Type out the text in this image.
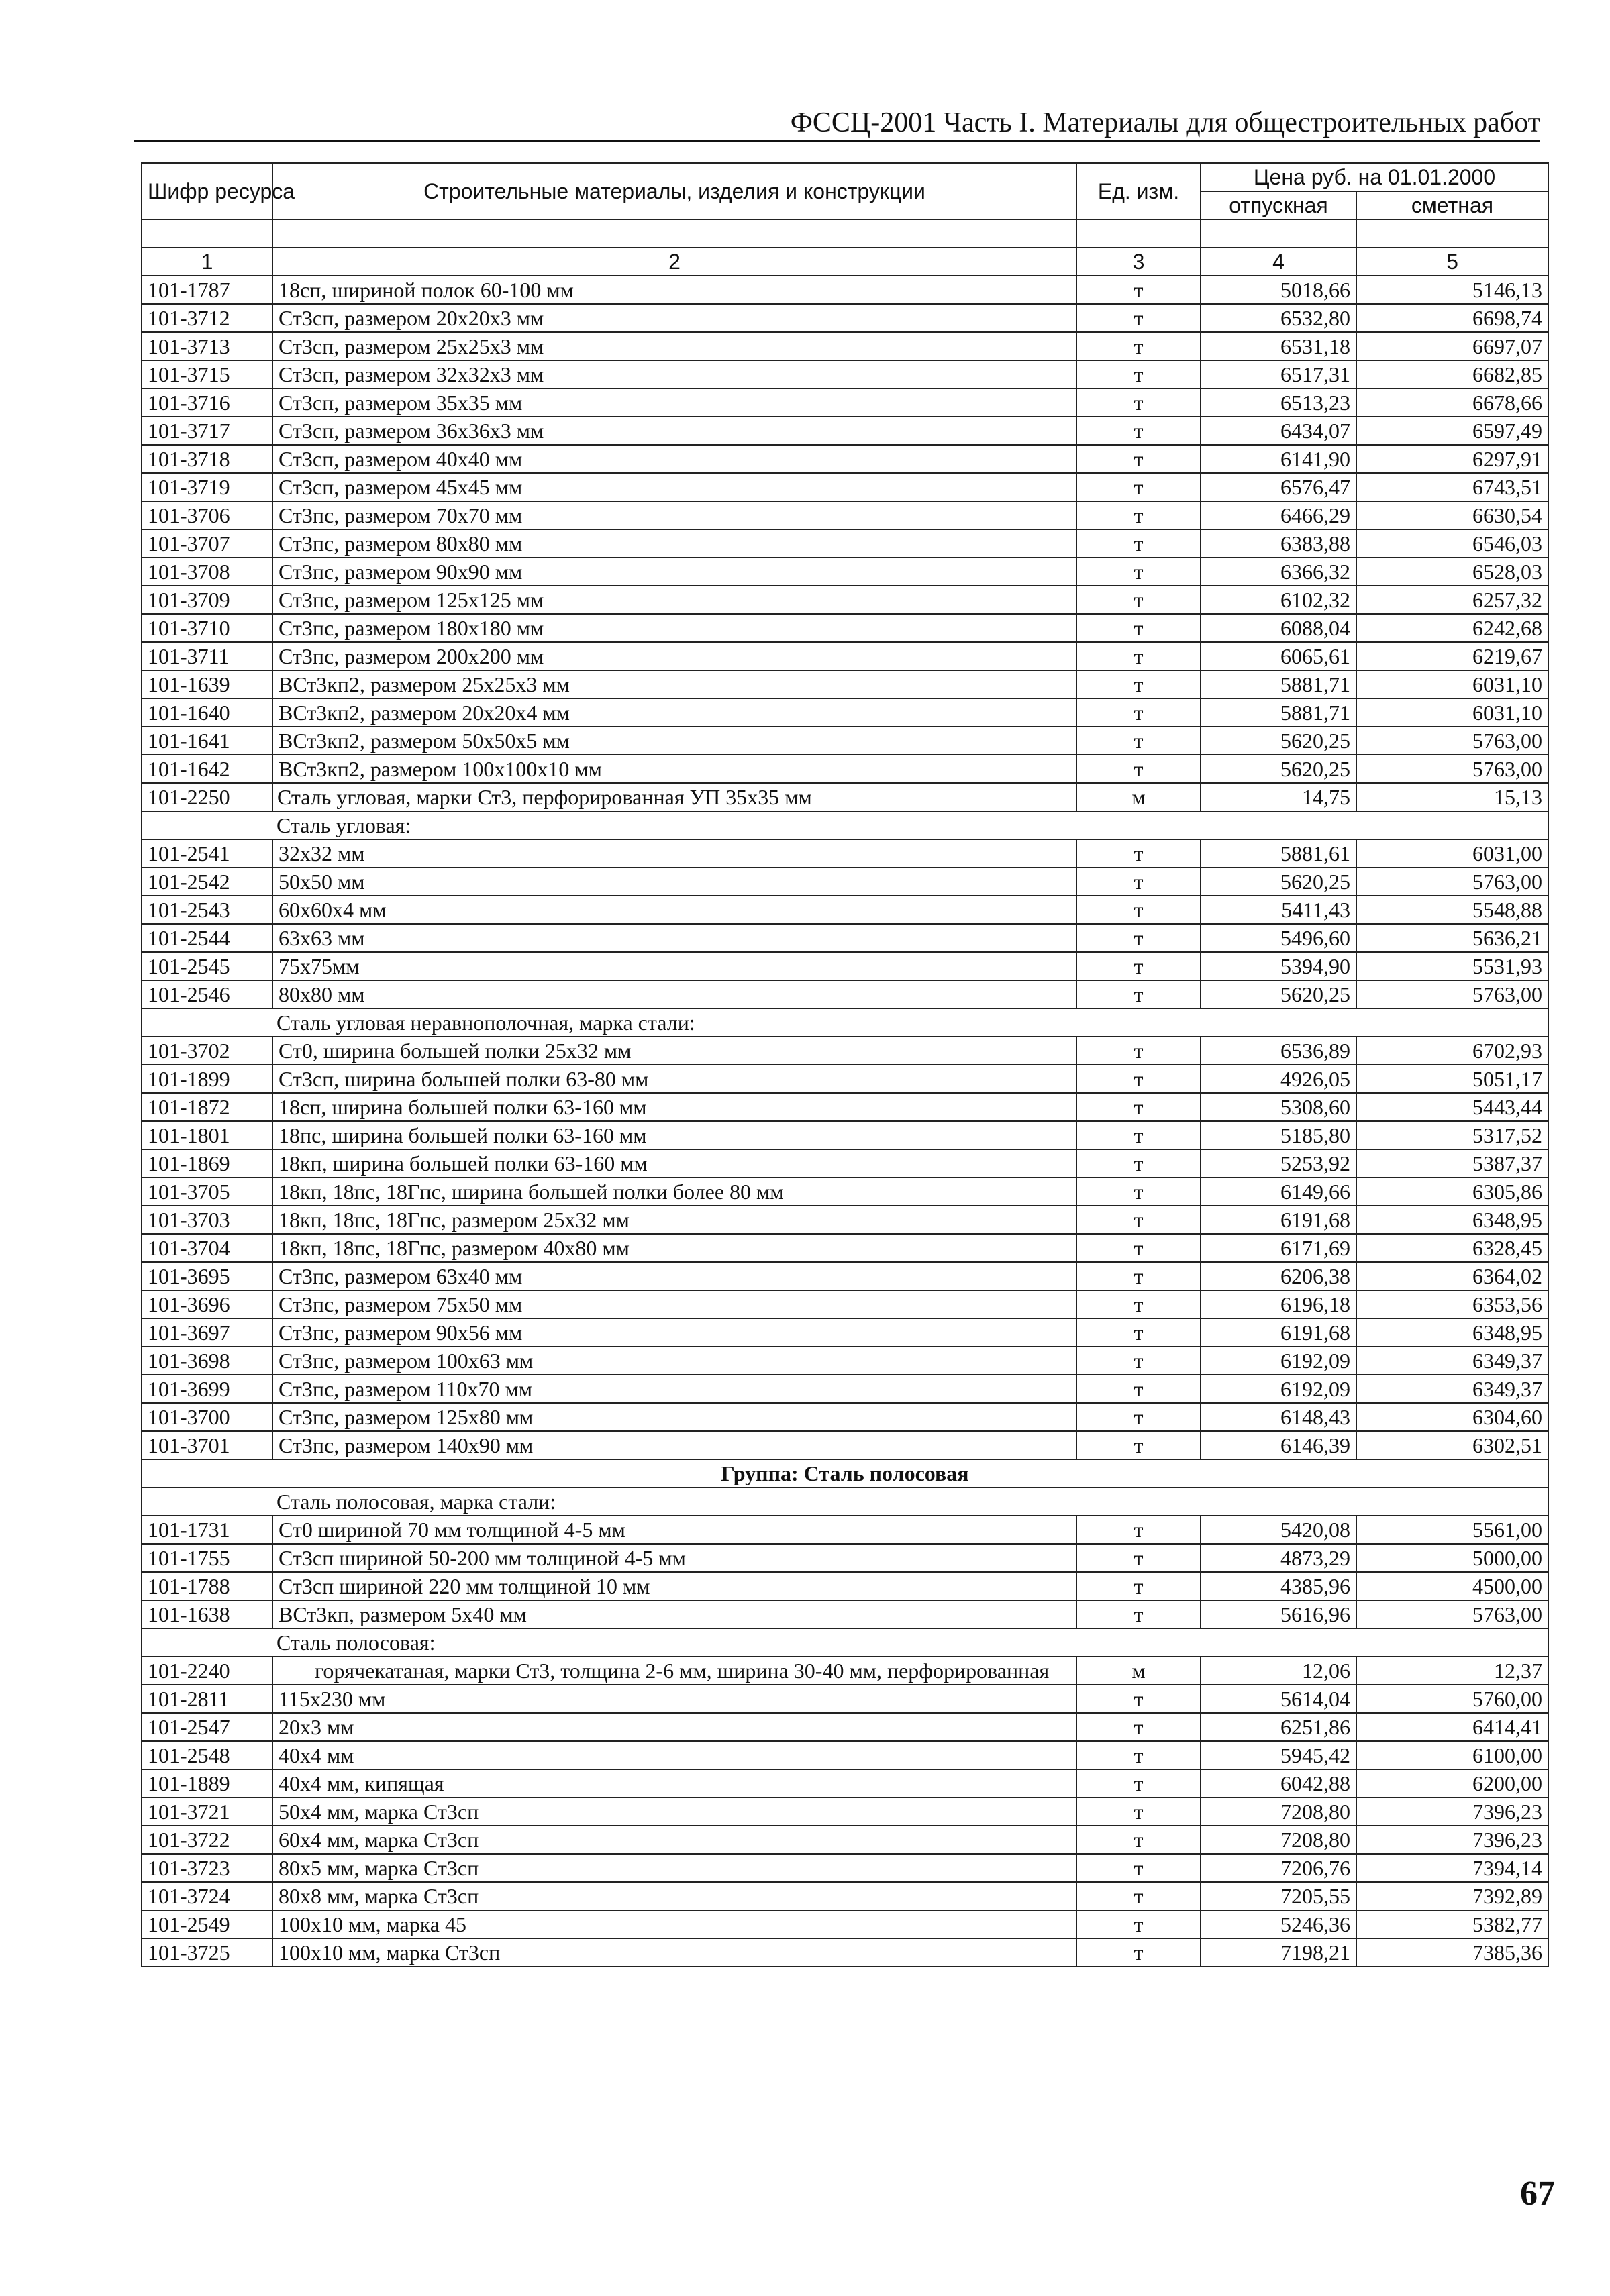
ФССЦ-2001 Часть I. Материалы для общестроительных работ
Шифр ресурса	Строительные материалы, изделия и конструкции	Ед. изм.	Цена руб. на 01.01.2000	
			отпускная	сметная

1	2	3	4	5
101-1787	18сп, шириной полок 60-100 мм	т	5018,66	5146,13
101-3712	Ст3сп, размером 20х20х3 мм	т	6532,80	6698,74
101-3713	Ст3сп, размером 25х25х3 мм	т	6531,18	6697,07
101-3715	Ст3сп, размером 32х32х3 мм	т	6517,31	6682,85
101-3716	Ст3сп, размером 35х35 мм	т	6513,23	6678,66
101-3717	Ст3сп, размером 36х36х3 мм	т	6434,07	6597,49
101-3718	Ст3сп, размером 40х40 мм	т	6141,90	6297,91
101-3719	Ст3сп, размером 45х45 мм	т	6576,47	6743,51
101-3706	Ст3пс, размером 70х70 мм	т	6466,29	6630,54
101-3707	Ст3пс, размером 80х80 мм	т	6383,88	6546,03
101-3708	Ст3пс, размером 90х90 мм	т	6366,32	6528,03
101-3709	Ст3пс, размером 125х125 мм	т	6102,32	6257,32
101-3710	Ст3пс, размером 180х180 мм	т	6088,04	6242,68
101-3711	Ст3пс, размером 200х200 мм	т	6065,61	6219,67
101-1639	ВСт3кп2, размером 25х25х3 мм	т	5881,71	6031,10
101-1640	ВСт3кп2, размером 20х20х4 мм	т	5881,71	6031,10
101-1641	ВСт3кп2, размером 50х50х5 мм	т	5620,25	5763,00
101-1642	ВСт3кп2, размером 100х100х10 мм	т	5620,25	5763,00
101-2250	Сталь угловая, марки Ст3, перфорированная УП 35х35 мм	м	14,75	15,13
Сталь угловая:				
101-2541	32х32 мм	т	5881,61	6031,00
101-2542	50х50 мм	т	5620,25	5763,00
101-2543	60х60х4 мм	т	5411,43	5548,88
101-2544	63х63 мм	т	5496,60	5636,21
101-2545	75х75мм	т	5394,90	5531,93
101-2546	80х80 мм	т	5620,25	5763,00
Сталь угловая неравнополочная, марка стали:				
101-3702	Ст0, ширина большей полки 25х32 мм	т	6536,89	6702,93
101-1899	Ст3сп, ширина большей полки 63-80 мм	т	4926,05	5051,17
101-1872	18сп, ширина большей полки 63-160 мм	т	5308,60	5443,44
101-1801	18пс, ширина большей полки 63-160 мм	т	5185,80	5317,52
101-1869	18кп, ширина большей полки 63-160 мм	т	5253,92	5387,37
101-3705	18кп, 18пс, 18Гпс, ширина большей полки более 80 мм	т	6149,66	6305,86
101-3703	18кп, 18пс, 18Гпс, размером 25х32 мм	т	6191,68	6348,95
101-3704	18кп, 18пс, 18Гпс, размером 40х80 мм	т	6171,69	6328,45
101-3695	Ст3пс, размером 63х40 мм	т	6206,38	6364,02
101-3696	Ст3пс, размером 75х50 мм	т	6196,18	6353,56
101-3697	Ст3пс, размером 90х56 мм	т	6191,68	6348,95
101-3698	Ст3пс, размером 100х63 мм	т	6192,09	6349,37
101-3699	Ст3пс, размером 110х70 мм	т	6192,09	6349,37
101-3700	Ст3пс, размером 125х80 мм	т	6148,43	6304,60
101-3701	Ст3пс, размером 140х90 мм	т	6146,39	6302,51
Группа: Сталь полосовая				
Сталь полосовая, марка стали:				
101-1731	Ст0 шириной 70 мм толщиной 4-5 мм	т	5420,08	5561,00
101-1755	Ст3сп шириной 50-200 мм толщиной 4-5 мм	т	4873,29	5000,00
101-1788	Ст3сп шириной 220 мм толщиной 10 мм	т	4385,96	4500,00
101-1638	ВСт3кп, размером 5х40 мм	т	5616,96	5763,00
Сталь полосовая:				
101-2240	горячекатаная, марки Ст3, толщина 2-6 мм, ширина 30-40 мм, перфорированная	м	12,06	12,37
101-2811	115х230 мм	т	5614,04	5760,00
101-2547	20х3 мм	т	6251,86	6414,41
101-2548	40х4 мм	т	5945,42	6100,00
101-1889	40х4 мм, кипящая	т	6042,88	6200,00
101-3721	50х4 мм, марка Ст3сп	т	7208,80	7396,23
101-3722	60х4 мм, марка Ст3сп	т	7208,80	7396,23
101-3723	80х5 мм, марка Ст3сп	т	7206,76	7394,14
101-3724	80х8 мм, марка Ст3сп	т	7205,55	7392,89
101-2549	100х10 мм, марка 45	т	5246,36	5382,77
101-3725	100х10 мм, марка Ст3сп	т	7198,21	7385,36
67
